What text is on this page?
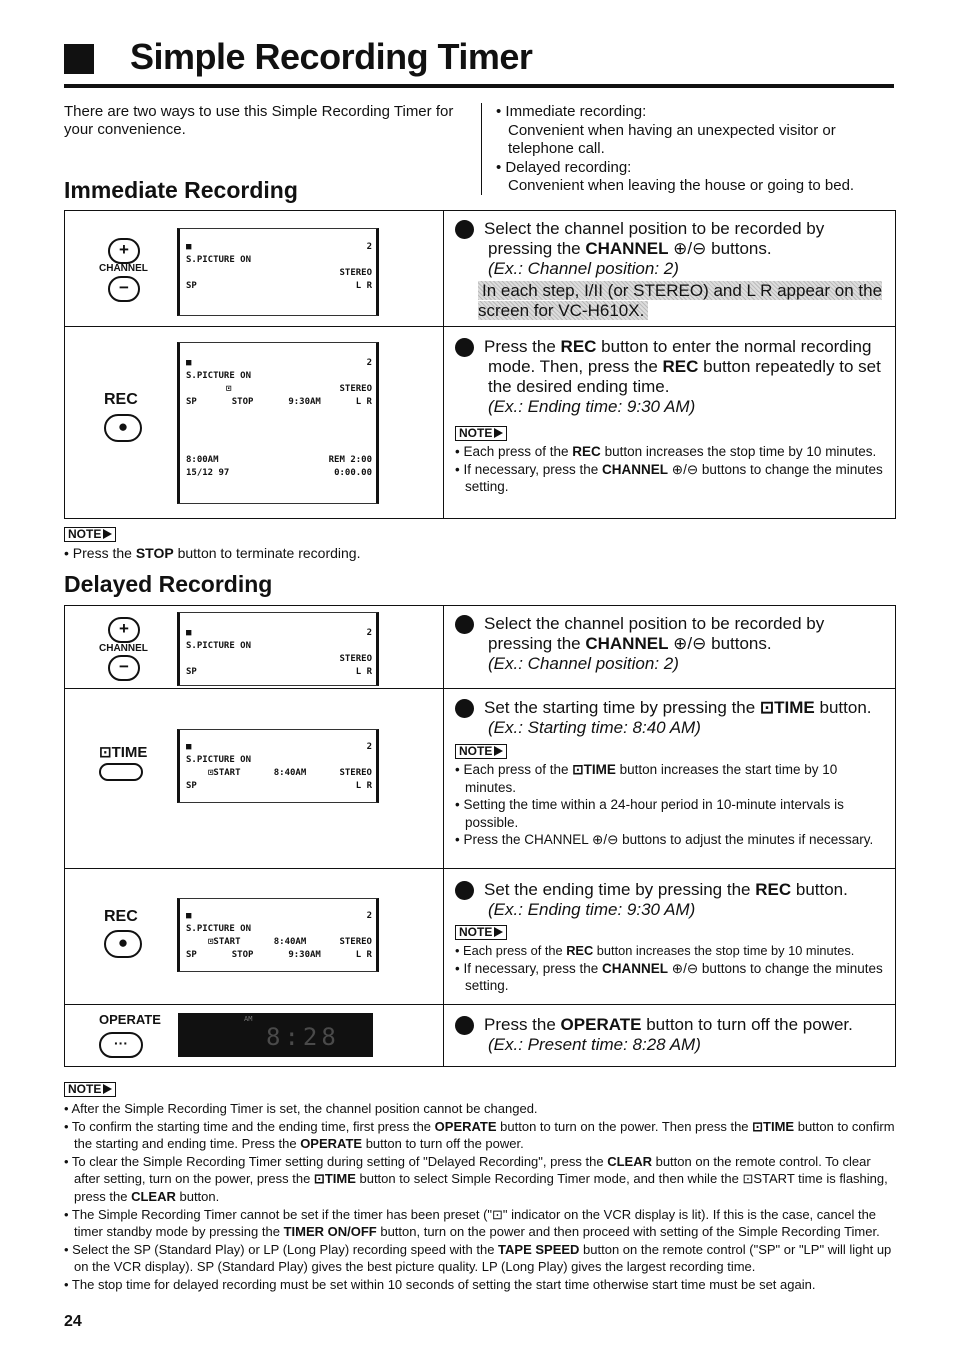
Simple Recording Timer
There are two ways to use this Simple Recording Timer for your convenience.
• Immediate recording:
Convenient when having an unexpected visitor or telephone call.
• Delayed recording:
Convenient when leaving the house or going to bed.
Immediate Recording
+
CHANNEL
−
■	2
S.PICTURE ON
STEREO
SP	L R
1 Select the channel position to be recorded by pressing the CHANNEL ⊕/⊖ buttons.
(Ex.: Channel position: 2)
In each step, I/II (or STEREO) and L R appear on the screen for VC-H610X.
REC
●
■	2
S.PICTURE ON
⊡	STEREO
SP	STOP	9:30AM	L R
8:00AM	REM 2:00
15/12 97	0:00.00
2 Press the REC button to enter the normal recording mode. Then, press the REC button repeatedly to set the desired ending time.
(Ex.: Ending time: 9:30 AM)
NOTE
• Each press of the REC button increases the stop time by 10 minutes.
• If necessary, press the CHANNEL ⊕/⊖ buttons to change the minutes setting.
NOTE
• Press the STOP button to terminate recording.
Delayed Recording
+
CHANNEL
−
■	2
S.PICTURE ON
STEREO
SP	L R
1 Select the channel position to be recorded by pressing the CHANNEL ⊕/⊖ buttons.
(Ex.: Channel position: 2)
⊡TIME	■	2
S.PICTURE ON
⊡START	8:40AM	STEREO
SP	L R
2 Set the starting time by pressing the ⊡TIME button. (Ex.: Starting time: 8:40 AM)
NOTE
• Each press of the ⊡TIME button increases the start time by 10 minutes.
• Setting the time within a 24-hour period in 10-minute intervals is possible.
• Press the CHANNEL ⊕/⊖ buttons to adjust the minutes if necessary.
REC
●
■	2
S.PICTURE ON
⊡START	8:40AM	STEREO
SP	STOP	9:30AM	L R
3 Set the ending time by pressing the REC button.
(Ex.: Ending time: 9:30 AM)
NOTE
• Each press of the REC button increases the stop time by 10 minutes.
• If necessary, press the CHANNEL ⊕/⊖ buttons to change the minutes setting.
OPERATE
···
AM
8:28	4 Press the OPERATE button to turn off the power.
(Ex.: Present time: 8:28 AM)
NOTE
• After the Simple Recording Timer is set, the channel position cannot be changed.
• To confirm the starting time and the ending time, first press the OPERATE button to turn on the power. Then press the ⊡TIME button to confirm the starting and ending time. Press the OPERATE button to turn off the power.
• To clear the Simple Recording Timer setting during setting of "Delayed Recording", press the CLEAR button on the remote control. To clear after setting, turn on the power, press the ⊡TIME button to select Simple Recording Timer mode, and then while the ⊡START time is flashing, press the CLEAR button.
• The Simple Recording Timer cannot be set if the timer has been preset ("⊡" indicator on the VCR display is lit). If this is the case, cancel the timer standby mode by pressing the TIMER ON/OFF button, turn on the power and then proceed with setting of the Simple Recording Timer.
• Select the SP (Standard Play) or LP (Long Play) recording speed with the TAPE SPEED button on the remote control ("SP" or "LP" will light up on the VCR display). SP (Standard Play) gives the best picture quality. LP (Long Play) gives the largest recording time.
• The stop time for delayed recording must be set within 10 seconds of setting the start time otherwise start time must be set again.
24
